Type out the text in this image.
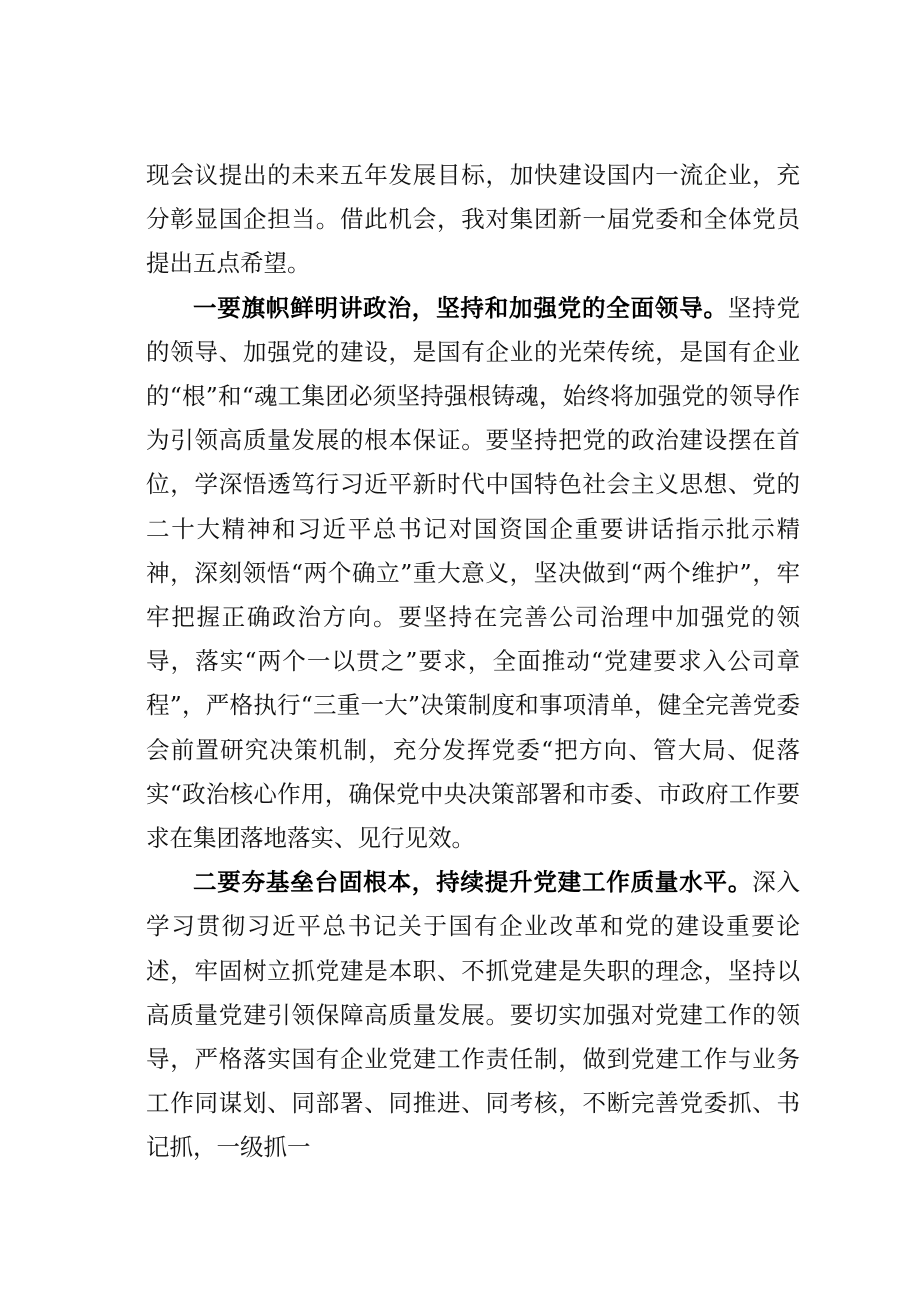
现会议提出的未来五年发展目标，加快建设国内一流企业，充分彰显国企担当。借此机会，我对集团新一届党委和全体党员提出五点希望。

一要旗帜鲜明讲政治，坚持和加强党的全面领导。坚持党的领导、加强党的建设，是国有企业的光荣传统，是国有企业的“根”和“魂工集团必须坚持强根铸魂，始终将加强党的领导作为引领高质量发展的根本保证。要坚持把党的政治建设摆在首位，学深悟透笃行习近平新时代中国特色社会主义思想、党的二十大精神和习近平总书记对国资国企重要讲话指示批示精神，深刻领悟“两个确立”重大意义，坚决做到“两个维护”，牢牢把握正确政治方向。要坚持在完善公司治理中加强党的领导，落实“两个一以贯之”要求，全面推动“党建要求入公司章程”，严格执行“三重一大”决策制度和事项清单，健全完善党委会前置研究决策机制，充分发挥党委“把方向、管大局、促落实“政治核心作用，确保党中央决策部署和市委、市政府工作要求在集团落地落实、见行见效。

二要夯基垒台固根本，持续提升党建工作质量水平。深入学习贯彻习近平总书记关于国有企业改革和党的建设重要论述，牢固树立抓党建是本职、不抓党建是失职的理念，坚持以高质量党建引领保障高质量发展。要切实加强对党建工作的领导，严格落实国有企业党建工作责任制，做到党建工作与业务工作同谋划、同部署、同推进、同考核，不断完善党委抓、书记抓，一级抓一
